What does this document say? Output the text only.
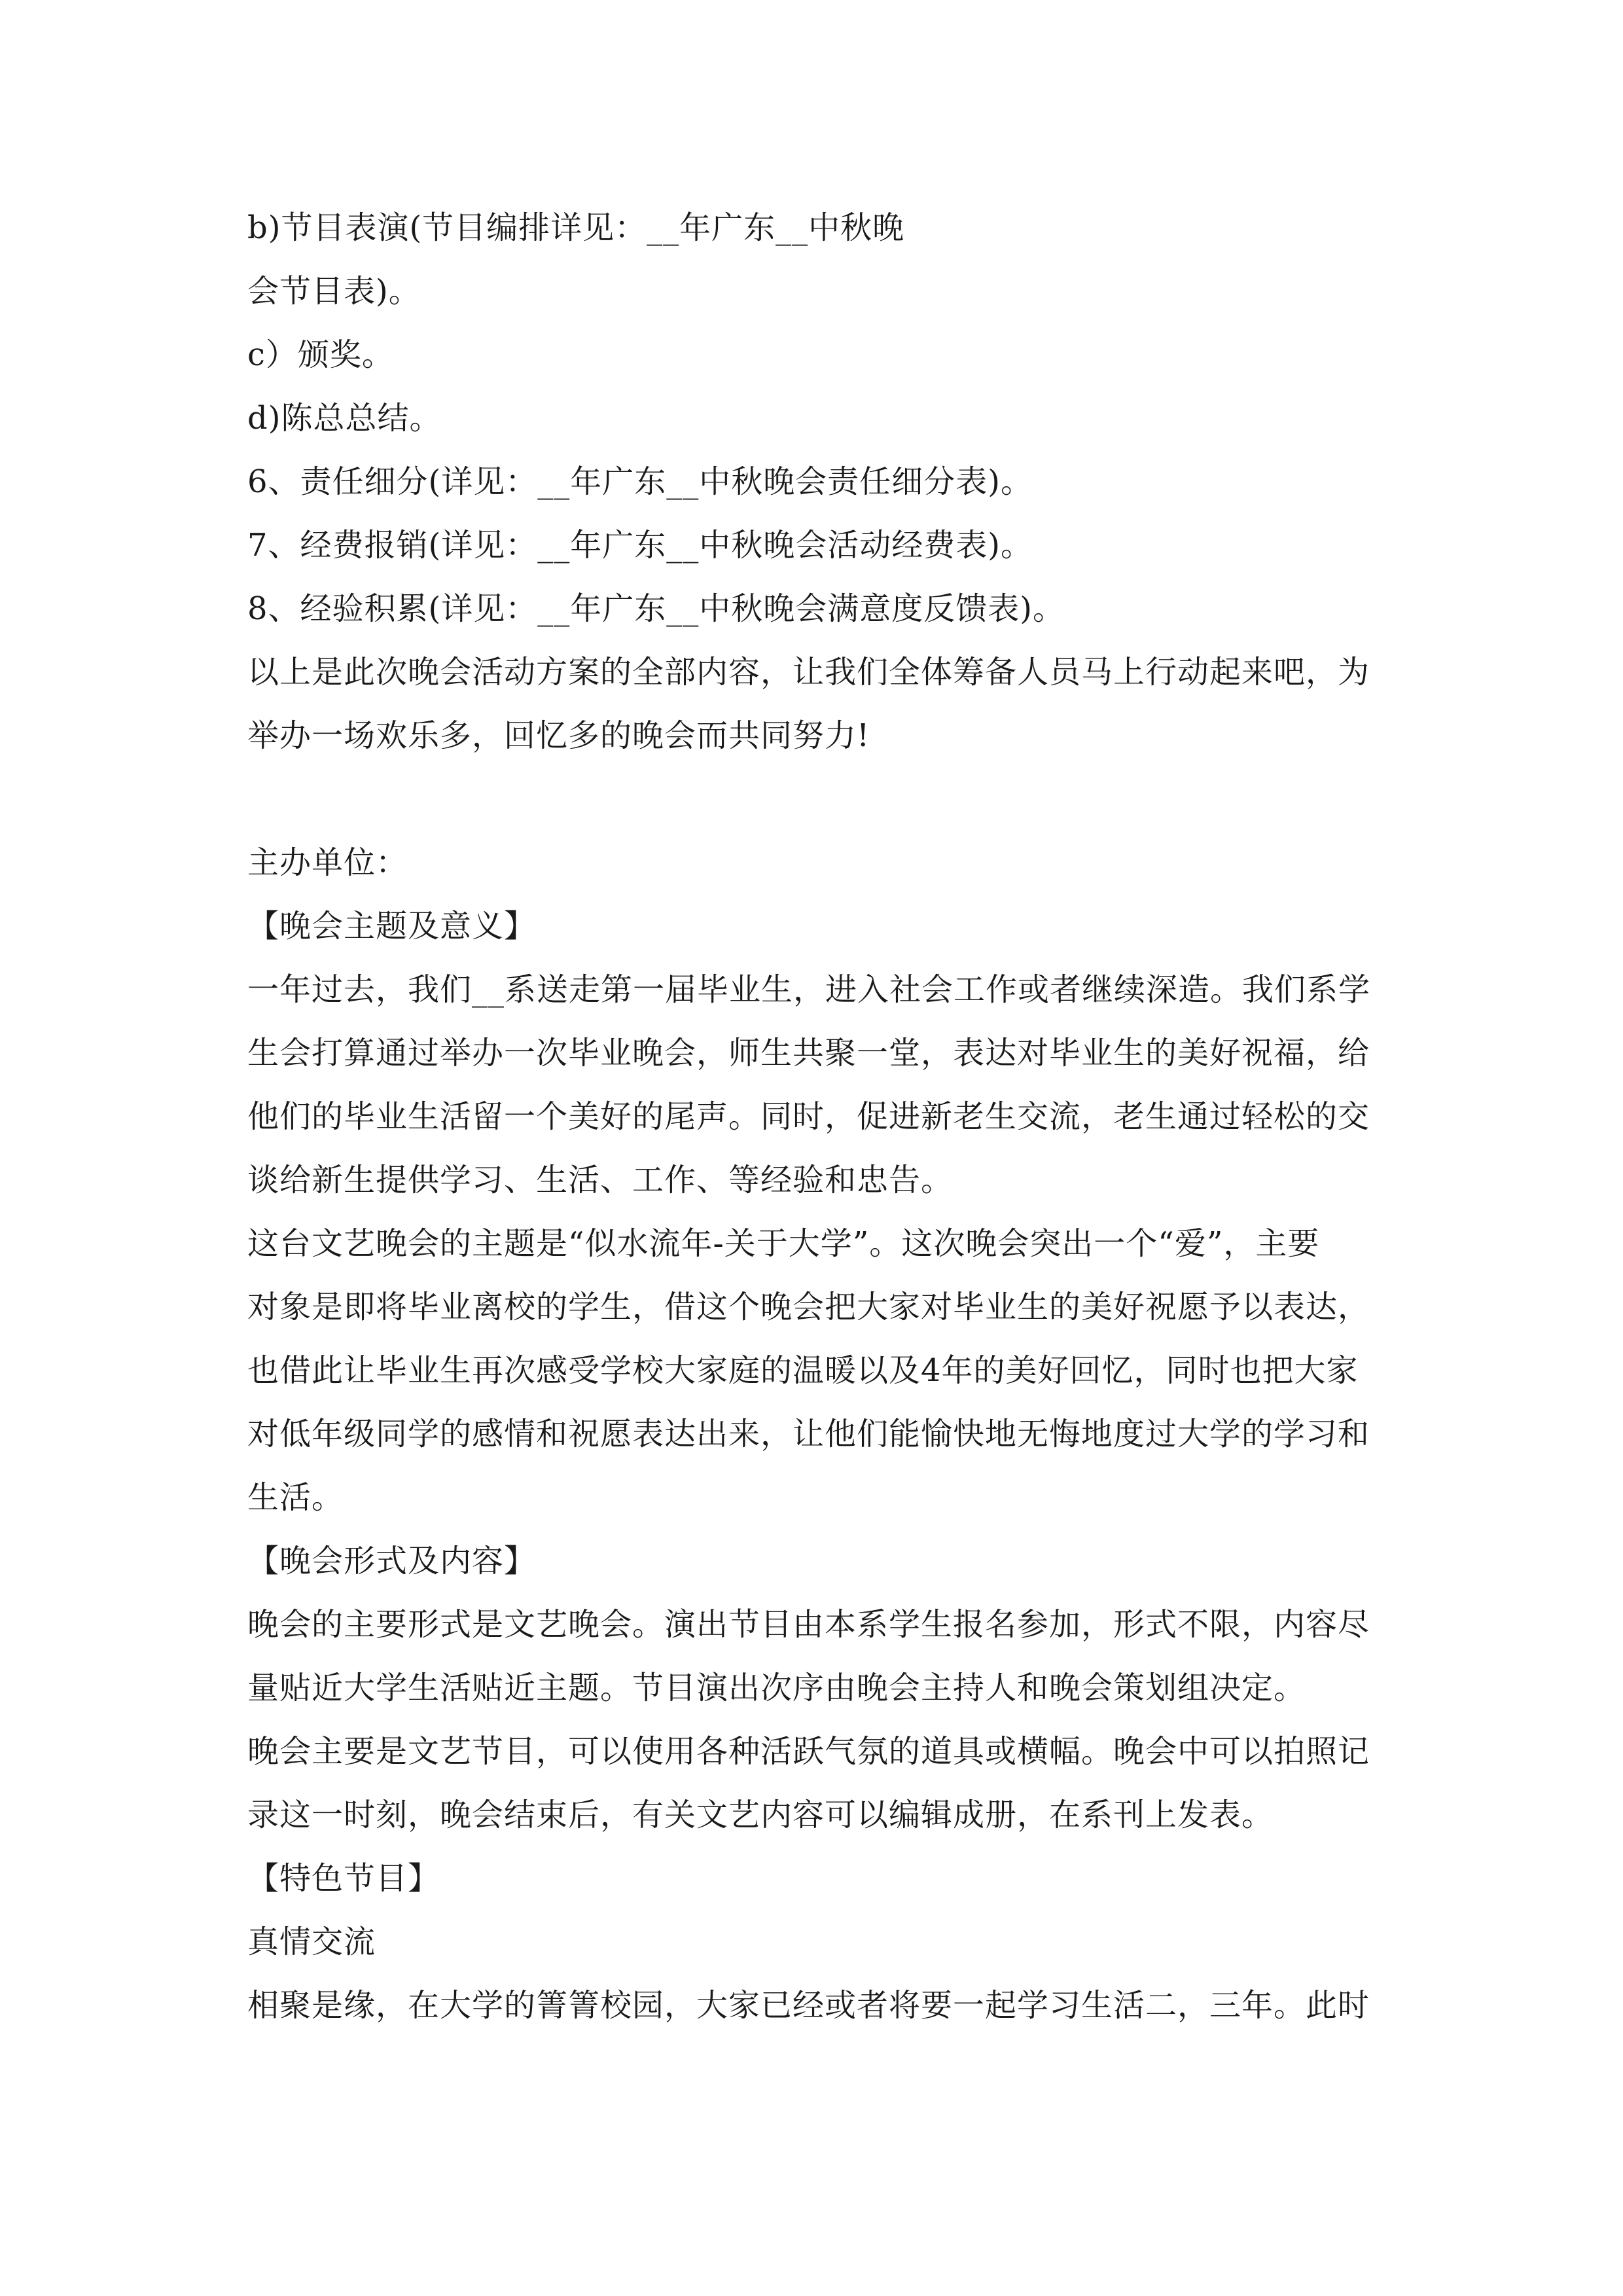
b)节目表演(节目编排详见：__年广东__中秋晚
会节目表)。
c）颁奖。
d)陈总总结。
6、责任细分(详见：__年广东__中秋晚会责任细分表)。
7、经费报销(详见：__年广东__中秋晚会活动经费表)。
8、经验积累(详见：__年广东__中秋晚会满意度反馈表)。
以上是此次晚会活动方案的全部内容，让我们全体筹备人员马上行动起来吧，为
举办一场欢乐多，回忆多的晚会而共同努力!
主办单位：
【晚会主题及意义】
一年过去，我们__系送走第一届毕业生，进入社会工作或者继续深造。我们系学
生会打算通过举办一次毕业晚会，师生共聚一堂，表达对毕业生的美好祝福，给
他们的毕业生活留一个美好的尾声。同时，促进新老生交流，老生通过轻松的交
谈给新生提供学习、生活、工作、等经验和忠告。
这台文艺晚会的主题是“似水流年-关于大学”。这次晚会突出一个“爱”，主要
对象是即将毕业离校的学生，借这个晚会把大家对毕业生的美好祝愿予以表达，
也借此让毕业生再次感受学校大家庭的温暖以及4年的美好回忆，同时也把大家
对低年级同学的感情和祝愿表达出来，让他们能愉快地无悔地度过大学的学习和
生活。
【晚会形式及内容】
晚会的主要形式是文艺晚会。演出节目由本系学生报名参加，形式不限，内容尽
量贴近大学生活贴近主题。节目演出次序由晚会主持人和晚会策划组决定。
晚会主要是文艺节目，可以使用各种活跃气氛的道具或横幅。晚会中可以拍照记
录这一时刻，晚会结束后，有关文艺内容可以编辑成册，在系刊上发表。
【特色节目】
真情交流
相聚是缘，在大学的箐箐校园，大家已经或者将要一起学习生活二，三年。此时
